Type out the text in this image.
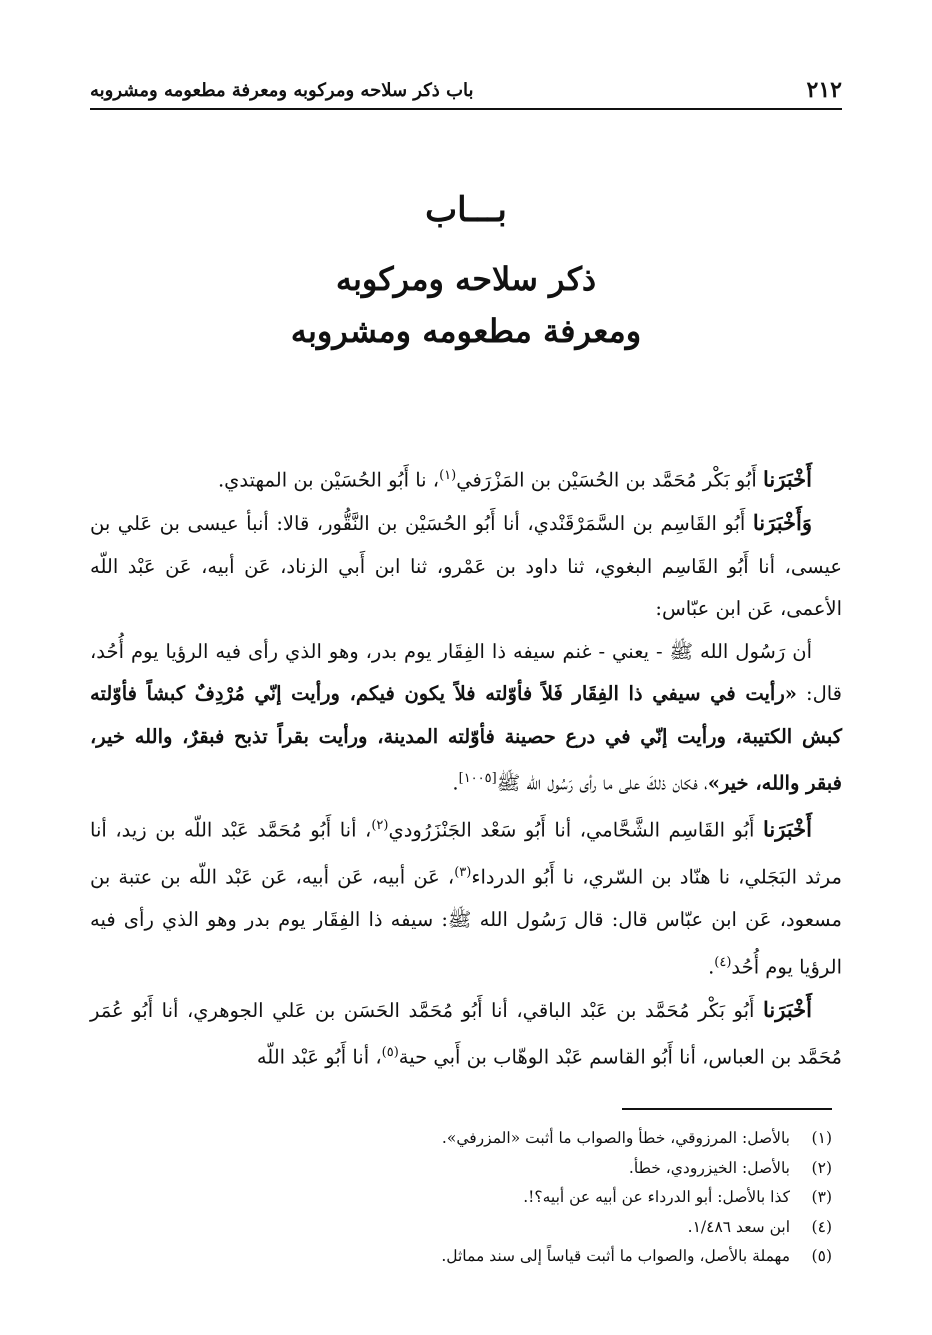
٢١٢
باب ذكر سلاحه ومركوبه ومعرفة مطعومه ومشروبه
بـــاب
ذكر سلاحه ومركوبه
ومعرفة مطعومه ومشروبه

أَخْبَرَنا أَبُو بَكْر مُحَمَّد بن الحُسَيْن بن المَزْرَفي$^{(١)}$، نا أَبُو الحُسَيْن بن المهتدي.

وَأَخْبَرَنا أَبُو القَاسِم بن السَّمَرْقَنْدي، أنا أَبُو الحُسَيْن بن النَّقُّور، قالا: أنبأ عيسى بن عَلي بن عيسى، أنا أَبُو القَاسِم البغوي، ثنا داود بن عَمْرو، ثنا ابن أَبي الزناد، عَن أبيه، عَن عَبْد اللّه الأعمى، عَن ابن عبّاس:

أن رَسُول الله ﷺ - يعني - غنم سيفه ذا الفِقَار يوم بدر، وهو الذي رأى فيه الرؤيا يوم أُحُد، قال: «رأيت في سيفي ذا الفِقَار فَلاً فأوّلته فلاً يكون فيكم، ورأيت إنّي مُرْدِفٌ كبشاً فأوّلته كبش الكتيبة، ورأيت إنّي في درع حصينة فأوّلته المدينة، ورأيت بقراً تذبح فبقرٌ، والله خير، فبقر والله، خير»، فكان ذلكَ على ما رأى رَسُول الله ﷺ[١٠٠٥].

أَخْبَرَنا أَبُو القَاسِم الشَّحَّامي، أنا أَبُو سَعْد الجَنْزَرُودي$^{(٢)}$، أنا أَبُو مُحَمَّد عَبْد اللّه بن زيد، أنا مرثد البَجَلي، نا هنّاد بن السّري، نا أَبُو الدرداء$^{(٣)}$، عَن أبيه، عَن أبيه، عَن عَبْد اللّه بن عتبة بن مسعود، عَن ابن عبّاس قال: قال رَسُول الله ﷺ: سيفه ذا الفِقَار يوم بدر وهو الذي رأى فيه الرؤيا يوم أُحُد$^{(٤)}$.

أَخْبَرَنا أَبُو بَكْر مُحَمَّد بن عَبْد الباقي، أنا أَبُو مُحَمَّد الحَسَن بن عَلي الجوهري، أنا أَبُو عُمَر مُحَمَّد بن العباس، أنا أَبُو القاسم عَبْد الوهّاب بن أَبي حية$^{(٥)}$، أنا أَبُو عَبْد اللّه

(١)
بالأصل: المرزوقي، خطأ والصواب ما أثبت «المزرفي».
(٢)
بالأصل: الخيزرودي، خطأ.
(٣)
كذا بالأصل: أبو الدرداء عن أبيه عن أبيه؟!.
(٤)
ابن سعد ١/٤٨٦.
(٥)
مهملة بالأصل، والصواب ما أثبت قياساً إلى سند مماثل.
